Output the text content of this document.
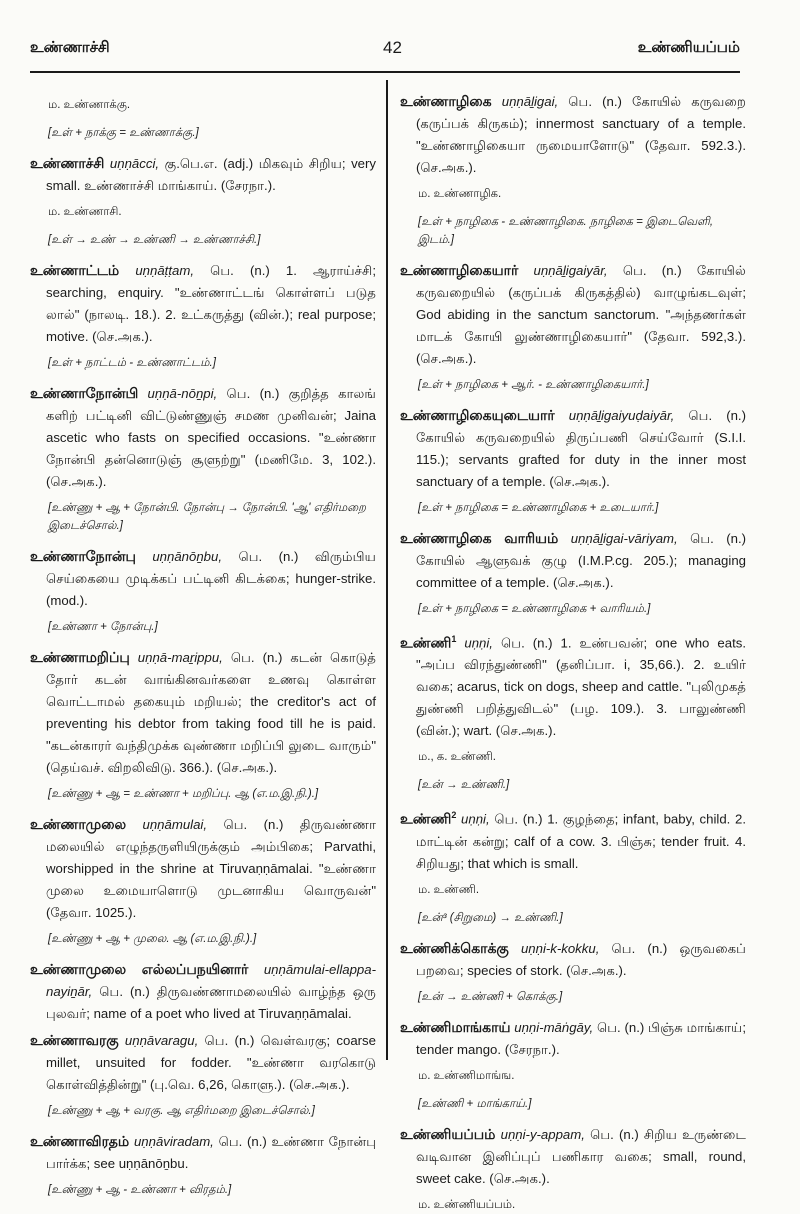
உண்ணாச்சி	42	உண்ணியப்பம்
ம. உண்ணாக்கு.
[உள் + நாக்கு = உண்ணாக்கு.]

உண்ணாச்சி uṇṇācci, கு.பெ.எ. (adj.) மிகவும் சிறிய; very small. உண்ணாச்சி மாங்காய். (சேரநா.).

ம. உண்ணாசி.
[உள் → உண் → உண்ணி → உண்ணாச்சி.]

உண்ணாட்டம் uṇṇāṭṭam, பெ. (n.) 1. ஆராய்ச்சி; searching, enquiry. "உண்ணாட்டங் கொள்ளப் படுத லால்" (நாலடி. 18.). 2. உட்கருத்து (வின்.); real purpose; motive. (செ.அக.).

[உள் + நாட்டம் - உண்ணாட்டம்.]

உண்ணாநோன்பி uṇṇā-nōṉpi, பெ. (n.) குறித்த காலங் களிற் பட்டினி விட்டுண்ணுஞ் சமண முனிவன்; Jaina ascetic who fasts on specified occasions. "உண்ணா நோன்பி தன்னொடுஞ் சூளுற்று" (மணிமே. 3, 102.). (செ.அக.).

[உண்ணு + ஆ + நோன்பி. நோன்பு → நோன்பி. 'ஆ' எதிர்மறை இடைச்சொல்.]

உண்ணாநோன்பு uṇṇānōṉbu, பெ. (n.) விரும்பிய செய்கையை முடிக்கப் பட்டினி கிடக்கை; hunger-strike. (mod.).

[உண்ணா + நோன்பு.]

உண்ணாமறிப்பு uṇṇā-maṟippu, பெ. (n.) கடன் கொடுத் தோர் கடன் வாங்கினவர்களை உணவு கொள்ள வொட்டாமல் தகையும் மறியல்; the creditor's act of preventing his debtor from taking food till he is paid. "கடன்காரர் வந்திமுக்க வுண்ணா மறிப்பி லுடை வாரும்" (தெய்வச். விறலிவிடு. 366.). (செ.அக.).

[உண்ணு + ஆ = உண்ணா + மறிப்பு. ஆ (எ.ம.இ.நி.).]

உண்ணாமுலை uṇṇāmulai, பெ. (n.) திருவண்ணா மலையில் எழுந்தருளியிருக்கும் அம்பிகை; Parvathi, worshipped in the shrine at Tiruvaṇṇāmalai. "உண்ணா முலை உமையாளொடு முடனாகிய வொருவன்" (தேவா. 1025.).

[உண்ணு + ஆ + முலை. ஆ (எ.ம.இ.நி.).]

உண்ணாமுலை எல்லப்பநயினார் uṇṇāmulai-ellappa-nayiṉār, பெ. (n.) திருவண்ணாமலையில் வாழ்ந்த ஒரு புலவர்; name of a poet who lived at Tiruvaṇṇāmalai.

உண்ணாவரகு uṇṇāvaragu, பெ. (n.) வெள்வரகு; coarse millet, unsuited for fodder. "உண்ணா வரகொடு கொள்வித்தின்று" (பு.வெ. 6,26, கொளு.). (செ.அக.).

[உண்ணு + ஆ + வரகு. ஆ எதிர்மறை இடைச்சொல்.]

உண்ணாவிரதம் uṇṇāviradam, பெ. (n.) உண்ணா நோன்பு பார்க்க; see uṇṇānōṉbu.

[உண்ணு + ஆ - உண்ணா + விரதம்.]

உண்ணாழிகை uṇṇāḻigai, பெ. (n.) கோயில் கருவறை (கருப்பக் கிருகம்); innermost sanctuary of a temple. "உண்ணாழிகையா ருமையாளோடு" (தேவா. 592.3.). (செ.அக.).

ம. உண்ணாழிக.
[உள் + நாழிகை - உண்ணாழிகை. நாழிகை = இடைவெளி, இடம்.]

உண்ணாழிகையார் uṇṇāḻigaiyār, பெ. (n.) கோயில் கருவறையில் (கருப்பக் கிருகத்தில்) வாழுங்கடவுள்; God abiding in the sanctum sanctorum. "அந்தணர்கள் மாடக் கோயி லுண்ணாழிகையார்" (தேவா. 592,3.). (செ.அக.).

[உள் + நாழிகை + ஆர். - உண்ணாழிகையார்.]

உண்ணாழிகையுடையார் uṇṇāḻigaiyuḍaiyār, பெ. (n.) கோயில் கருவறையில் திருப்பணி செய்வோர் (S.I.I. 115.); servants grafted for duty in the inner most sanctuary of a temple. (செ.அக.).

[உள் + நாழிகை = உண்ணாழிகை + உடையார்.]

உண்ணாழிகை வாரியம் uṇṇāḻigai-vāriyam, பெ. (n.) கோயில் ஆளுவக் குழு (I.M.P.cg. 205.); managing committee of a temple. (செ.அக.).

[உள் + நாழிகை = உண்ணாழிகை + வாரியம்.]

உண்ணி$^1$ uṇṇi, பெ. (n.) 1. உண்பவன்; one who eats. "அப்ப விரந்துண்ணி" (தனிப்பா. i, 35,66.). 2. உயிர் வகை; acarus, tick on dogs, sheep and cattle. "புலிமுகத் துண்ணி பறித்துவிடல்" (பழ. 109.). 3. பாலுண்ணி (வின்.); wart. (செ.அக.).

ம., க. உண்ணி.
[உன் → உண்ணி.]

உண்ணி$^2$ uṇṇi, பெ. (n.) 1. குழந்தை; infant, baby, child. 2. மாட்டின் கன்று; calf of a cow. 3. பிஞ்சு; tender fruit. 4. சிறியது; that which is small.

ம. உண்ணி.
[உன்³ (சிறுமை) → உண்ணி.]

உண்ணிக்கொக்கு uṇṇi-k-kokku, பெ. (n.) ஒருவகைப் பறவை; species of stork. (செ.அக.).

[உன் → உண்ணி + கொக்கு.]

உண்ணிமாங்காய் uṇṇi-māṅgāy, பெ. (n.) பிஞ்சு மாங்காய்; tender mango. (சேரநா.).

ம. உண்ணிமாங்ங.
[உண்ணி + மாங்காய்.]

உண்ணியப்பம் uṇṇi-y-appam, பெ. (n.) சிறிய உருண்டை வடிவான இனிப்புப் பணிகார வகை; small, round, sweet cake. (செ.அக.).

ம. உண்ணியப்பம்.
